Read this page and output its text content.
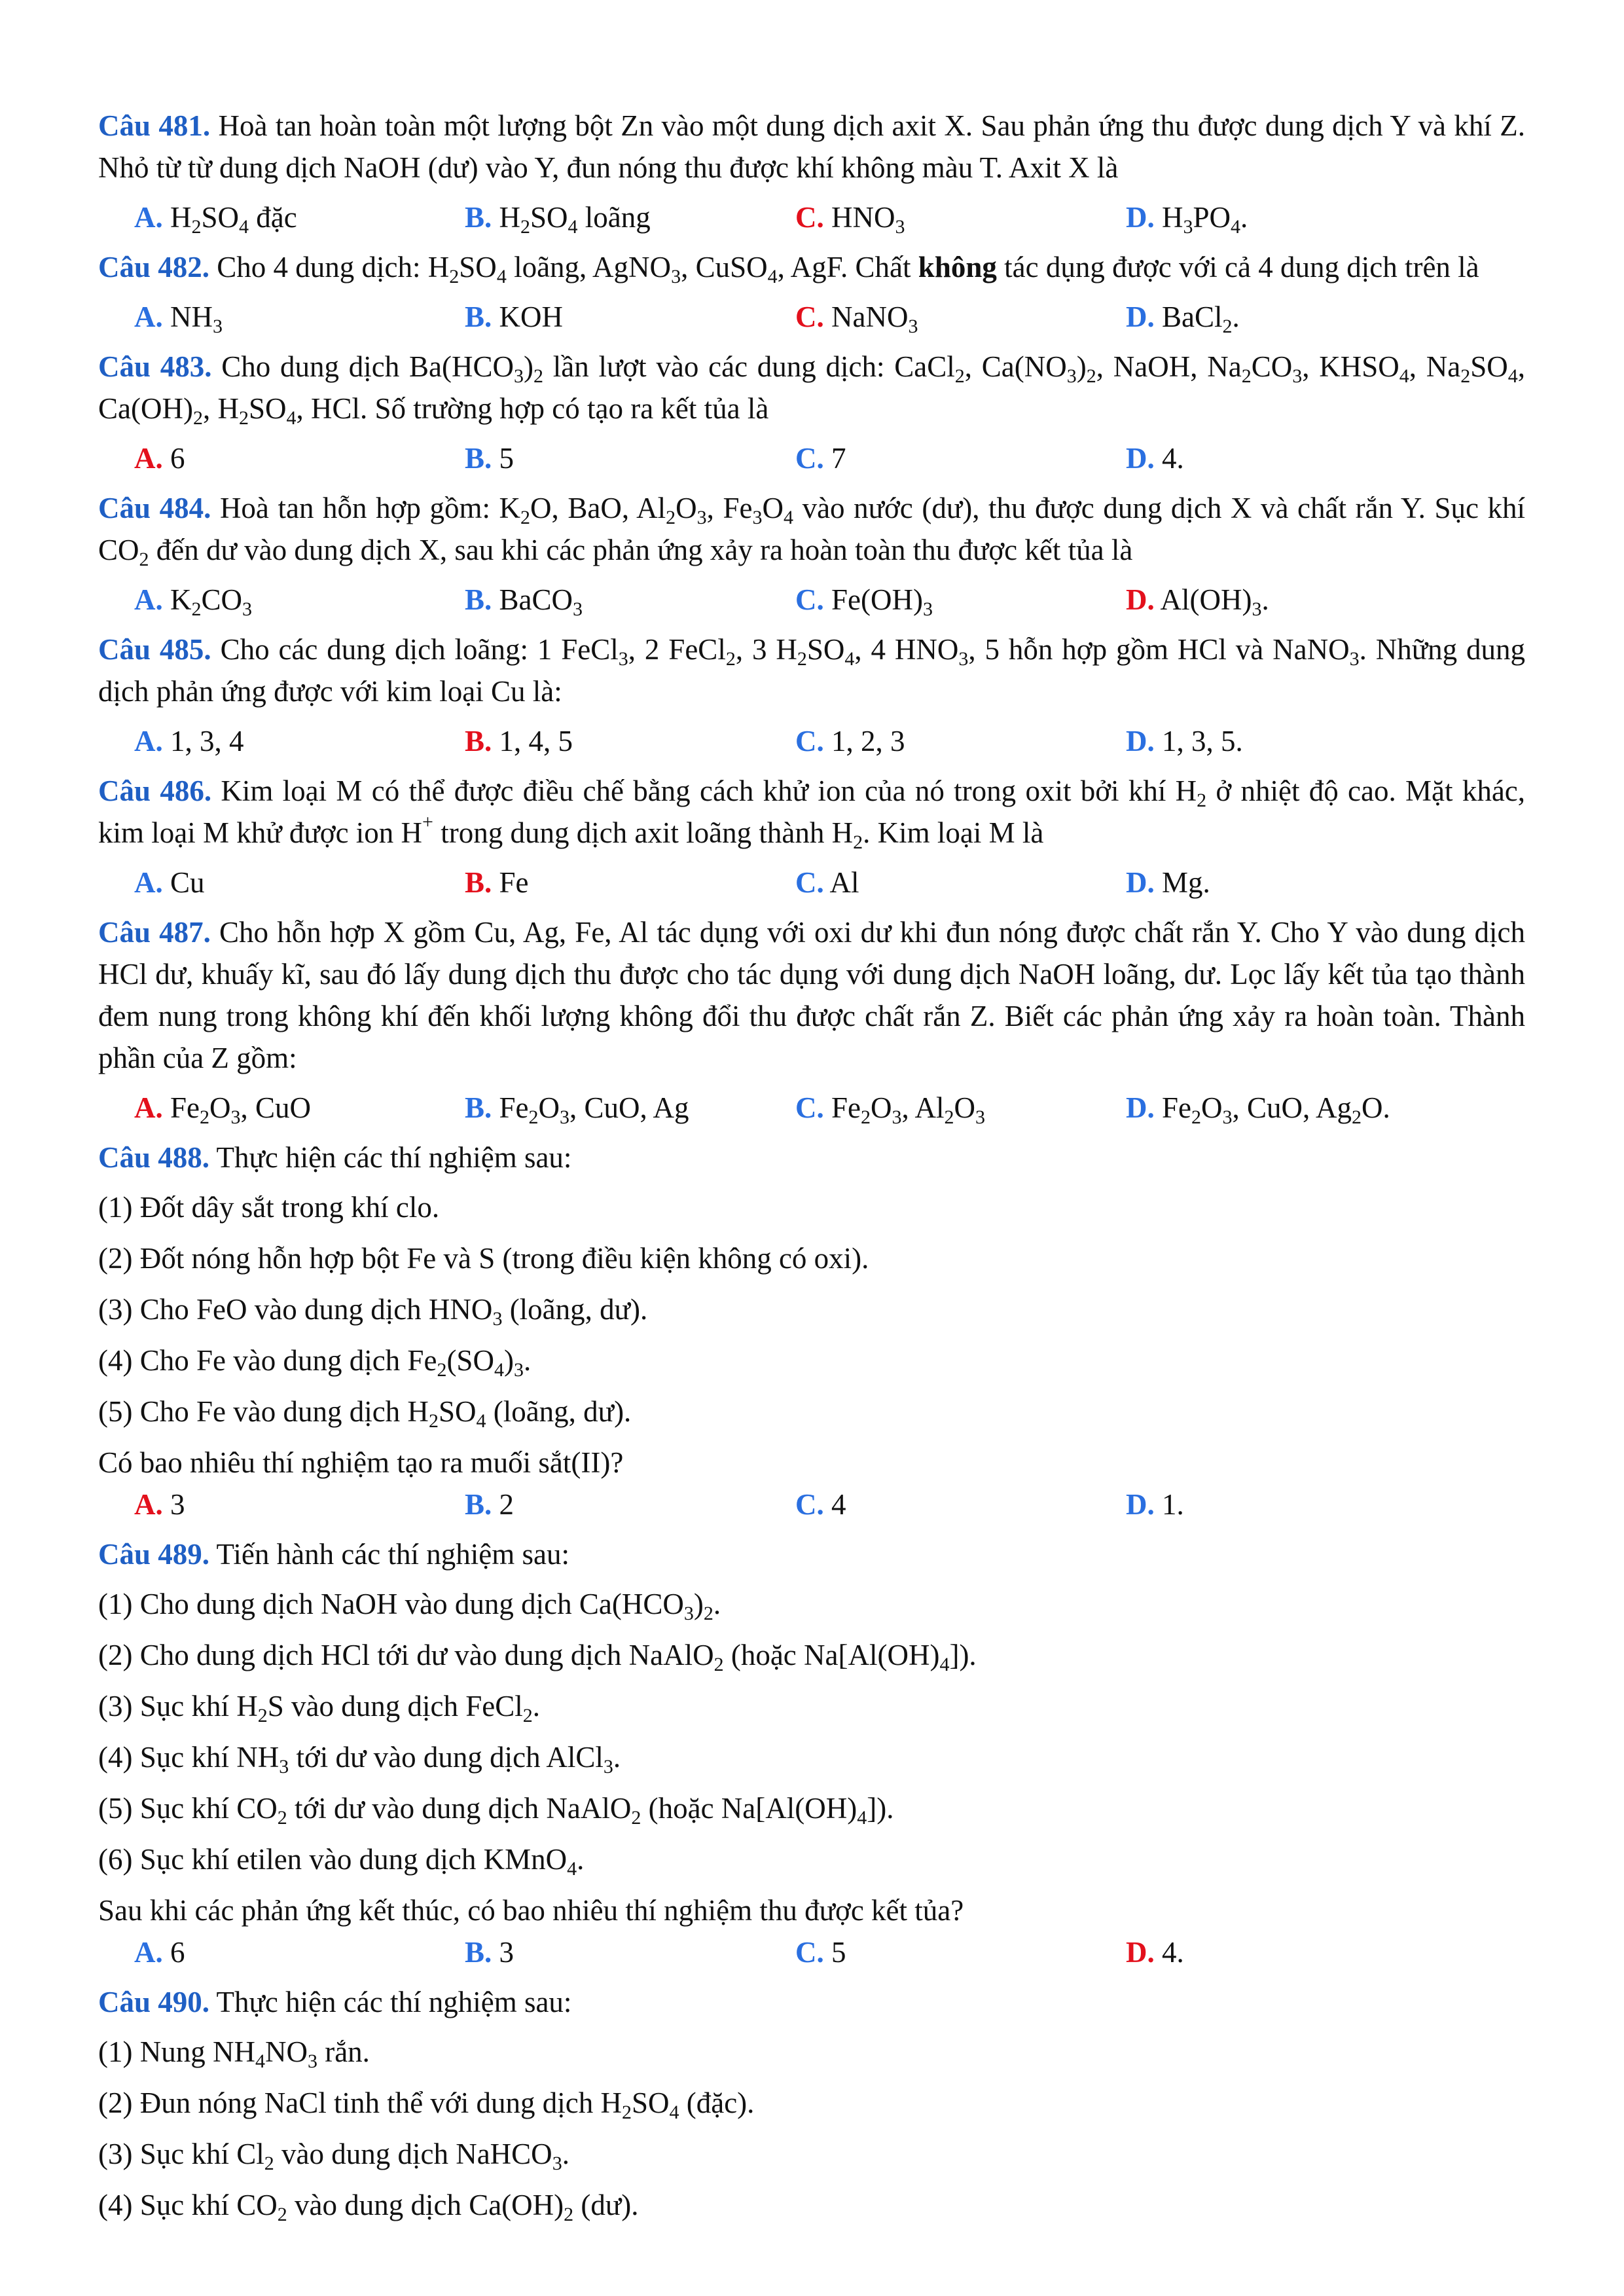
Câu 481. Hoà tan hoàn toàn một lượng bột Zn vào một dung dịch axit X. Sau phản ứng thu được dung dịch Y và khí Z. Nhỏ từ từ dung dịch NaOH (dư) vào Y, đun nóng thu được khí không màu T. Axit X là
A. $H_2SO_4$ đặc	B. $H_2SO_4$ loãng	C. $HNO_3$	D. $H_3PO_4$.
Câu 482. Cho 4 dung dịch: $H_2SO_4$ loãng, AgNO$_3$, CuSO$_4$, AgF. Chất không tác dụng được với cả 4 dung dịch trên là
A. $NH_3$	B. KOH	C. NaNO$_3$	D. BaCl$_2$.
Câu 483. Cho dung dịch $Ba(HCO_3)_2$ lần lượt vào các dung dịch: CaCl$_2$, $Ca(NO_3)_2$, NaOH, $Na_2CO_3$, $KHSO_4$, $Na_2SO_4$, $Ca(OH)_2$, $H_2SO_4$, HCl. Số trường hợp có tạo ra kết tủa là
A. 6	B. 5	C. 7	D. 4.
Câu 484. Hoà tan hỗn hợp gồm: $K_2O$, BaO, $Al_2O_3$, $Fe_3O_4$ vào nước (dư), thu được dung dịch X và chất rắn Y. Sục khí $CO_2$ đến dư vào dung dịch X, sau khi các phản ứng xảy ra hoàn toàn thu được kết tủa là
A. $K_2CO_3$	B. BaCO$_3$	C. $Fe(OH)_3$	D. $Al(OH)_3$.
Câu 485. Cho các dung dịch loãng: 1 FeCl$_3$, 2 FeCl$_2$, 3 $H_2SO_4$, 4 $HNO_3$, 5 hỗn hợp gồm HCl và NaNO$_3$. Những dung dịch phản ứng được với kim loại Cu là:
A. 1, 3, 4	B. 1, 4, 5	C. 1, 2, 3	D. 1, 3, 5.
Câu 486. Kim loại M có thể được điều chế bằng cách khử ion của nó trong oxit bởi khí $H_2$ ở nhiệt độ cao. Mặt khác, kim loại M khử được ion H+ trong dung dịch axit loãng thành $H_2$. Kim loại M là
A. Cu	B. Fe	C. Al	D. Mg.
Câu 487. Cho hỗn hợp X gồm Cu, Ag, Fe, Al tác dụng với oxi dư khi đun nóng được chất rắn Y. Cho Y vào dung dịch HCl dư, khuấy kĩ, sau đó lấy dung dịch thu được cho tác dụng với dung dịch NaOH loãng, dư. Lọc lấy kết tủa tạo thành đem nung trong không khí đến khối lượng không đổi thu được chất rắn Z. Biết các phản ứng xảy ra hoàn toàn. Thành phần của Z gồm:
A. $Fe_2O_3$, CuO	B. $Fe_2O_3$, CuO, Ag	C. $Fe_2O_3$, $Al_2O_3$	D. $Fe_2O_3$, CuO, $Ag_2O$.
Câu 488. Thực hiện các thí nghiệm sau:
(1) Đốt dây sắt trong khí clo.
(2) Đốt nóng hỗn hợp bột Fe và S (trong điều kiện không có oxi).
(3) Cho FeO vào dung dịch $HNO_3$ (loãng, dư).
(4) Cho Fe vào dung dịch $Fe_2(SO_4)_3$.
(5) Cho Fe vào dung dịch $H_2SO_4$ (loãng, dư).
Có bao nhiêu thí nghiệm tạo ra muối sắt(II)?
A. 3	B. 2	C. 4	D. 1.
Câu 489. Tiến hành các thí nghiệm sau:
(1) Cho dung dịch NaOH vào dung dịch $Ca(HCO_3)_2$.
(2) Cho dung dịch HCl tới dư vào dung dịch NaAlO$_2$ (hoặc $Na[Al(OH)_4]$).
(3) Sục khí $H_2S$ vào dung dịch FeCl$_2$.
(4) Sục khí $NH_3$ tới dư vào dung dịch AlCl$_3$.
(5) Sục khí $CO_2$ tới dư vào dung dịch NaAlO$_2$ (hoặc $Na[Al(OH)_4]$).
(6) Sục khí etilen vào dung dịch KMnO$_4$.
Sau khi các phản ứng kết thúc, có bao nhiêu thí nghiệm thu được kết tủa?
A. 6	B. 3	C. 5	D. 4.
Câu 490. Thực hiện các thí nghiệm sau:
(1) Nung $NH_4NO_3$ rắn.
(2) Đun nóng NaCl tinh thể với dung dịch $H_2SO_4$ (đặc).
(3) Sục khí $Cl_2$ vào dung dịch NaHCO$_3$.
(4) Sục khí $CO_2$ vào dung dịch $Ca(OH)_2$ (dư).
